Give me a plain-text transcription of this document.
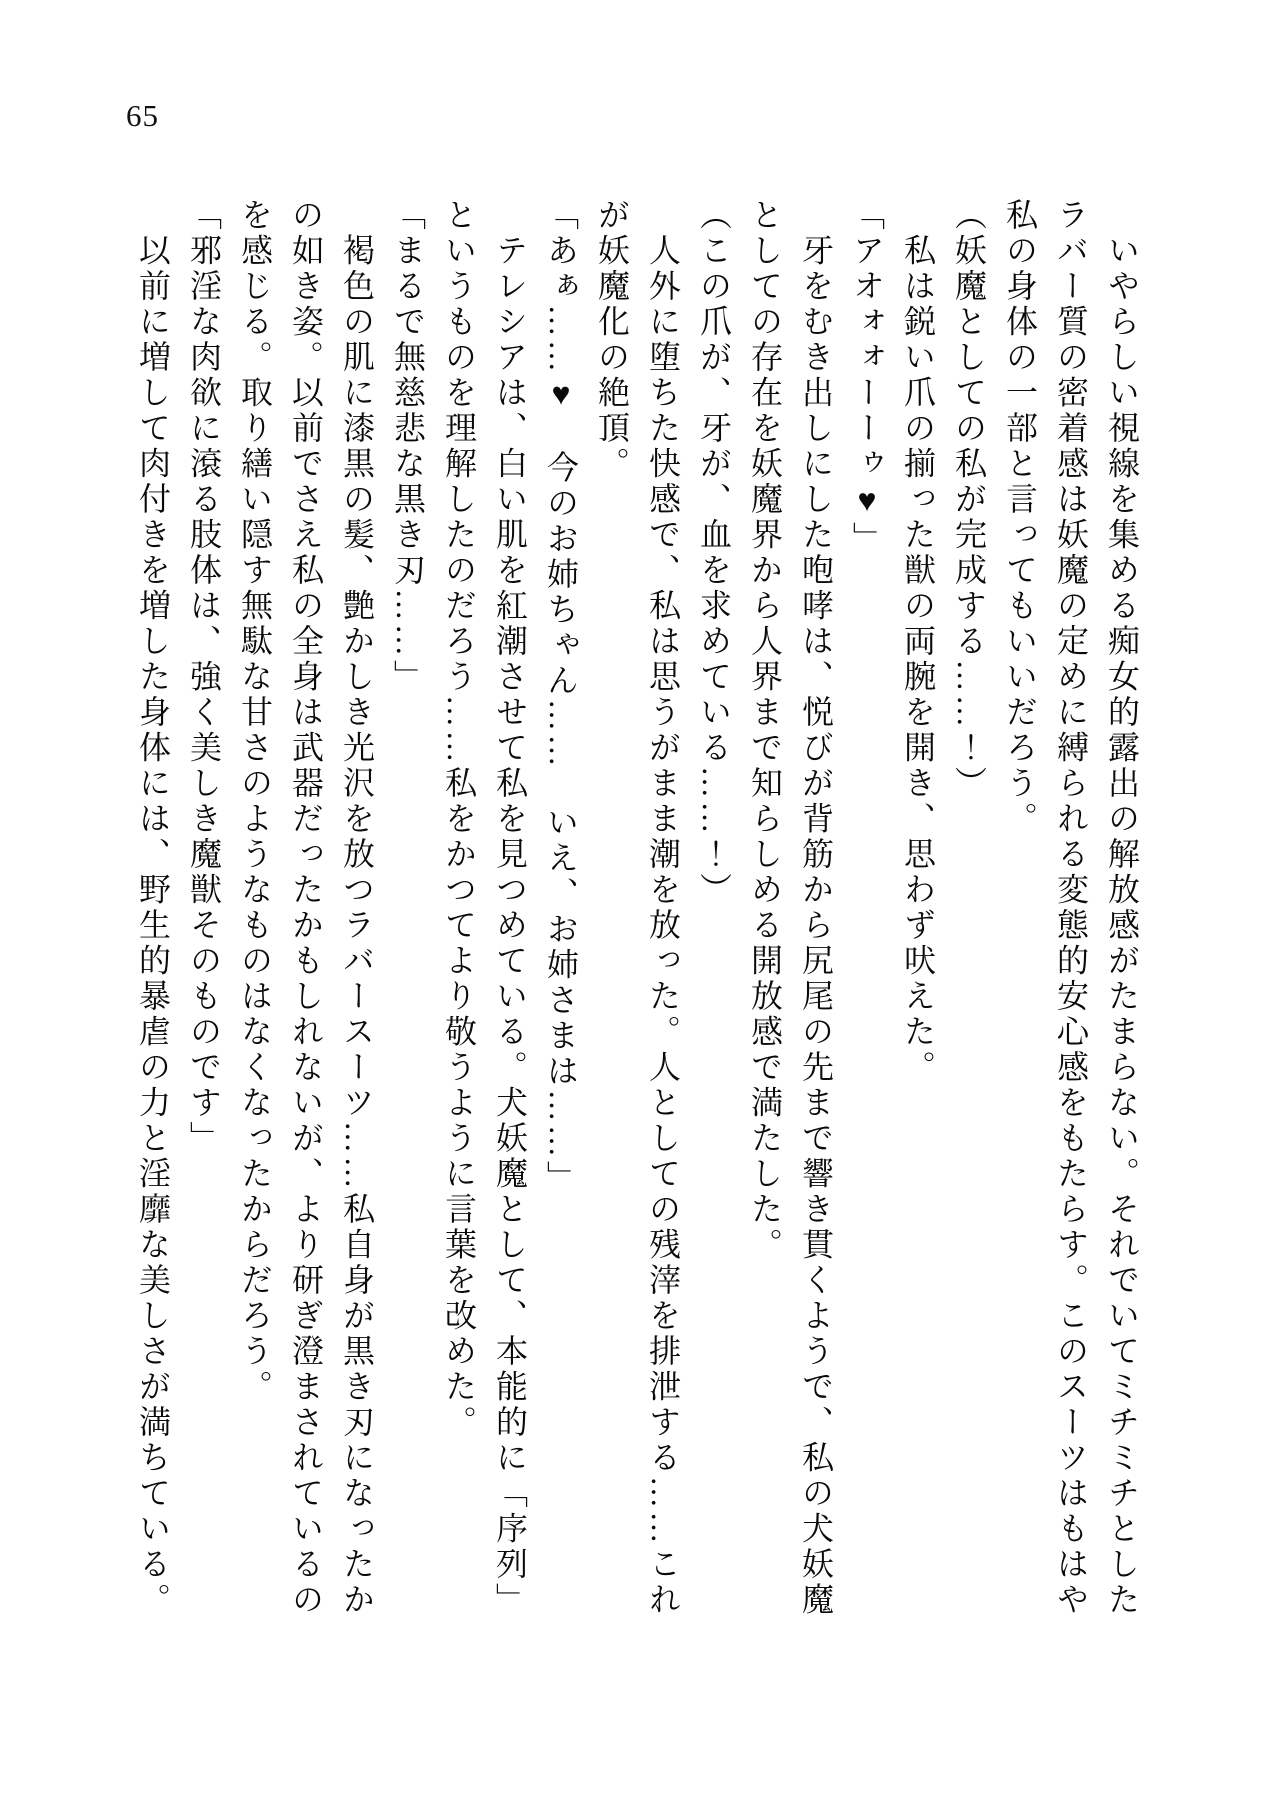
65
　いやらしい視線を集める痴女的露出の解放感がたまらない。それでいてミチミチとした
ラバー質の密着感は妖魔の定めに縛られる変態的安心感をもたらす。このスーツはもはや
私の身体の一部と言ってもいいだろう。
（妖魔としての私が完成する……！）
　私は鋭い爪の揃った獣の両腕を開き、思わず吠えた。
「アオォォーーゥ♥」
　牙をむき出しにした咆哮は、悦びが背筋から尻尾の先まで響き貫くようで、私の犬妖魔
としての存在を妖魔界から人界まで知らしめる開放感で満たした。
（この爪が、牙が、血を求めている……！）
　人外に堕ちた快感で、私は思うがまま潮を放った。人としての残滓を排泄する……これ
が妖魔化の絶頂。
「あぁ……♥　今のお姉ちゃん……　いえ、お姉さまは……」
　テレシアは、白い肌を紅潮させて私を見つめている。犬妖魔として、本能的に「序列」
というものを理解したのだろう……私をかつてより敬うように言葉を改めた。
「まるで無慈悲な黒き刃……」
　褐色の肌に漆黒の髪、艶かしき光沢を放つラバースーツ……私自身が黒き刃になったか
の如き姿。以前でさえ私の全身は武器だったかもしれないが、より研ぎ澄まされているの
を感じる。取り繕い隠す無駄な甘さのようなものはなくなったからだろう。
「邪淫な肉欲に滾る肢体は、強く美しき魔獣そのものです」
　以前に増して肉付きを増した身体には、野生的暴虐の力と淫靡な美しさが満ちている。
